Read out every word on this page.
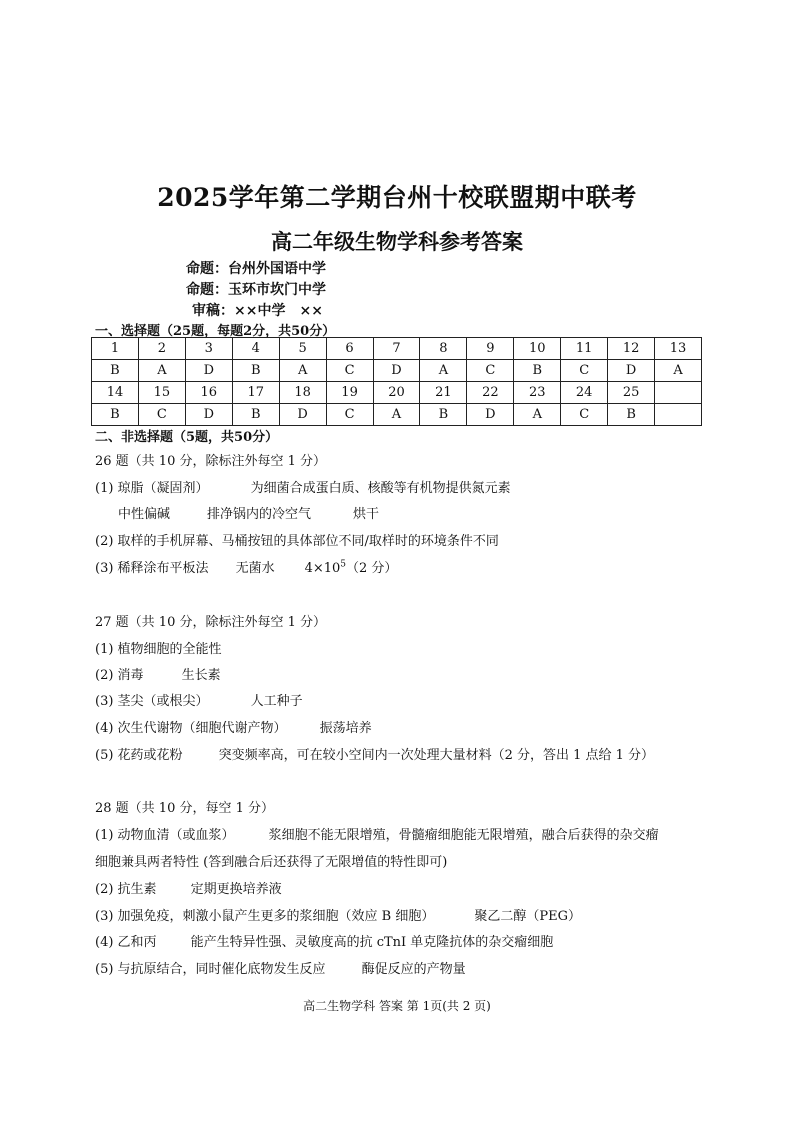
2025学年第二学期台州十校联盟期中联考
高二年级生物学科参考答案
命题：台州外国语中学
命题：玉环市坎门中学
审稿：××中学　××
一、选择题（25题，每题2分，共50分）
1	2	3	4	5	6	7	8	9	10	11	12	13
B	A	D	B	A	C	D	A	C	B	C	D	A
14	15	16	17	18	19	20	21	22	23	24	25	
B	C	D	B	D	C	A	B	D	A	C	B	
二、非选择题（5题，共50分）
26 题（共 10 分，除标注外每空 1 分）
(1) 琼脂（凝固剂）	为细菌合成蛋白质、核酸等有机物提供氮元素
中性偏碱	排净锅内的冷空气	烘干
(2) 取样的手机屏幕、马桶按钮的具体部位不同/取样时的环境条件不同
(3) 稀释涂布平板法 无菌水 $4\times 10^5(2$ 分）
27 题（共 10 分，除标注外每空 1 分）
(1) 植物细胞的全能性
(2) 消毒	生长素
(3) 茎尖（或根尖）	人工种子
(4) 次生代谢物（细胞代谢产物）	振荡培养
(5) 花药或花粉	突变频率高，可在较小空间内一次处理大量材料（2 分，答出 1 点给 1 分）
28 题（共 10 分，每空 1 分）
(1) 动物血清（或血浆）	浆细胞不能无限增殖，骨髓瘤细胞能无限增殖，融合后获得的杂交瘤
细胞兼具两者特性 (答到融合后还获得了无限增值的特性即可)
(2) 抗生素	定期更换培养液
(3) 加强免疫，刺激小鼠产生更多的浆细胞（效应 B 细胞）	聚乙二醇（PEG）
(4) 乙和丙	能产生特异性强、灵敏度高的抗 cTnI 单克隆抗体的杂交瘤细胞
(5) 与抗原结合，同时催化底物发生反应	酶促反应的产物量
高二生物学科 答案 第 1页(共 2 页)
